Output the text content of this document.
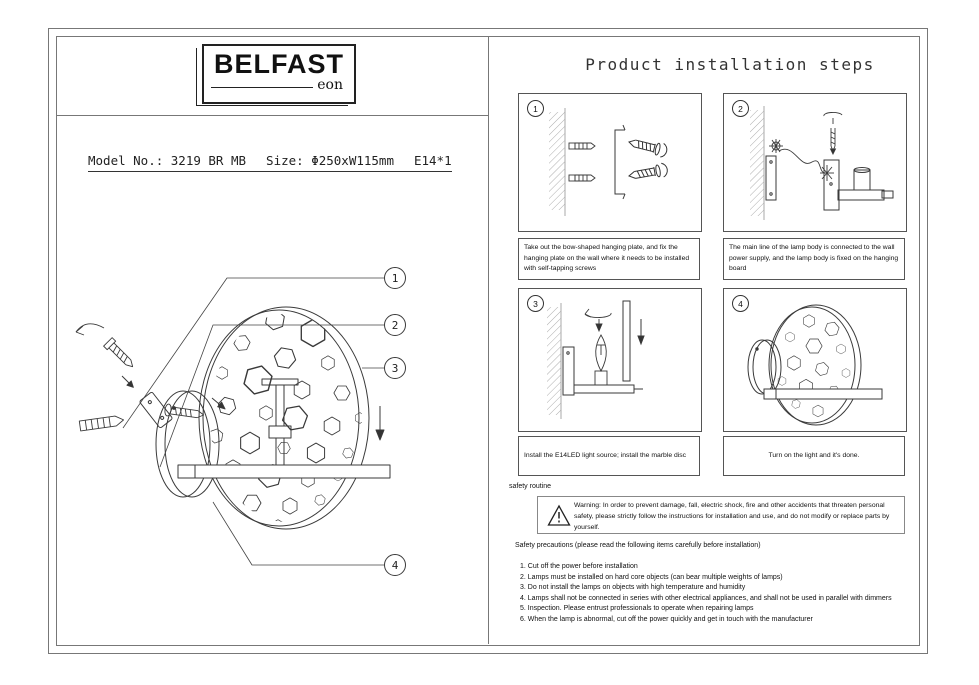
BELFAST
eon
Model No.: 3219 BR MB Size: Φ250xW115mm E14*1
1
2
3
4
Product installation steps
1
Take out the bow-shaped hanging plate, and fix the hanging plate on the wall where it needs to be installed with self-tapping screws
2
The main line of the lamp body is connected to the wall power supply, and the lamp body is fixed on the hanging board
3
Install the E14LED light source; install the marble disc
4
Turn on the light and it's done.
safety routine
Warning: In order to prevent damage, fall, electric shock, fire and other accidents that threaten personal safety, please strictly follow the instructions for installation and use, and do not modify or replace parts by yourself.
Safety precautions (please read the following items carefully before installation)
1. Cut off the power before installation
2. Lamps must be installed on hard core objects (can bear multiple weights of lamps)
3. Do not install the lamps on objects with high temperature and humidity
4. Lamps shall not be connected in series with other electrical appliances, and shall not be used in parallel with dimmers
5. Inspection. Please entrust professionals to operate when repairing lamps
6. When the lamp is abnormal, cut off the power quickly and get in touch with the manufacturer
